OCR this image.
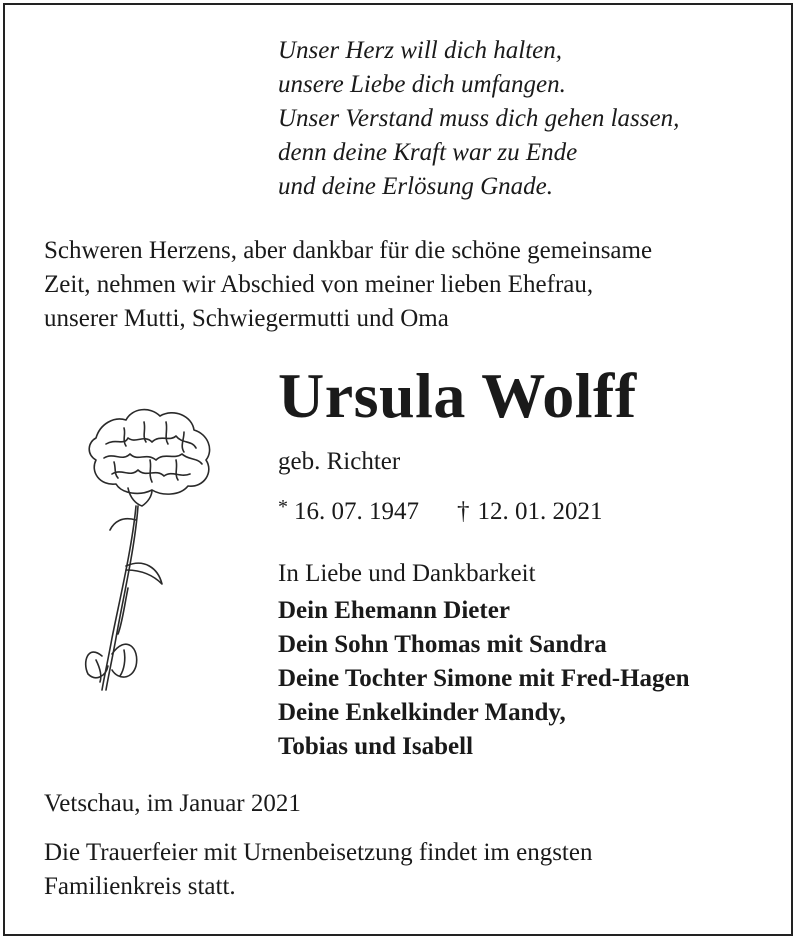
Unser Herz will dich halten,
unsere Liebe dich umfangen.
Unser Verstand muss dich gehen lassen,
denn deine Kraft war zu Ende
und deine Erlösung Gnade.
Schweren Herzens, aber dankbar für die schöne gemeinsame
Zeit, nehmen wir Abschied von meiner lieben Ehefrau,
unserer Mutti, Schwiegermutti und Oma
Ursula Wolff
geb. Richter
* 16. 07. 1947 † 12. 01. 2021
In Liebe und Dankbarkeit
Dein Ehemann Dieter
Dein Sohn Thomas mit Sandra
Deine Tochter Simone mit Fred-Hagen
Deine Enkelkinder Mandy,
Tobias und Isabell
Vetschau, im Januar 2021
Die Trauerfeier mit Urnenbeisetzung findet im engsten
Familienkreis statt.
